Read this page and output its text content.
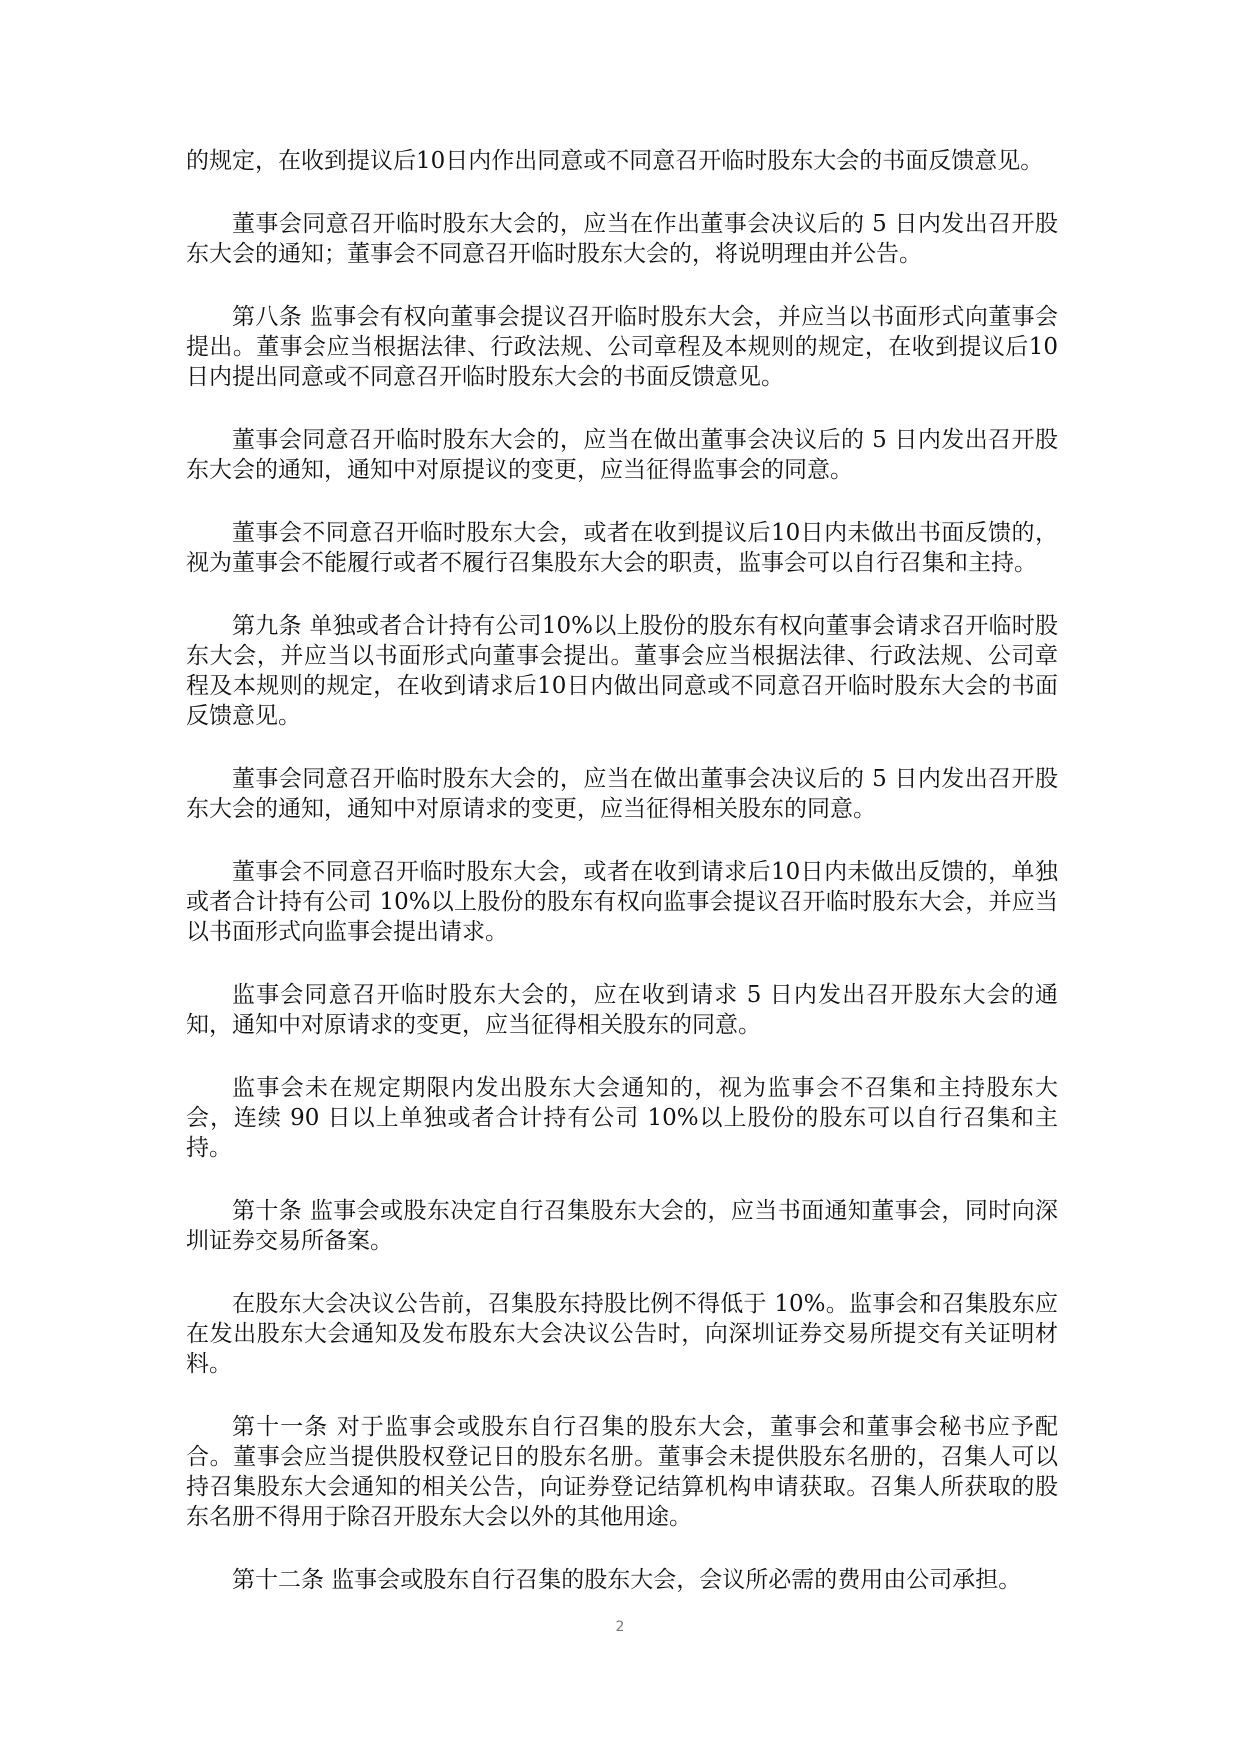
的规定，在收到提议后10日内作出同意或不同意召开临时股东大会的书面反馈意见。

董事会同意召开临时股东大会的，应当在作出董事会决议后的 5 日内发出召开股东大会的通知；董事会不同意召开临时股东大会的，将说明理由并公告。

第八条 监事会有权向董事会提议召开临时股东大会，并应当以书面形式向董事会提出。董事会应当根据法律、行政法规、公司章程及本规则的规定，在收到提议后10日内提出同意或不同意召开临时股东大会的书面反馈意见。

董事会同意召开临时股东大会的，应当在做出董事会决议后的 5 日内发出召开股东大会的通知，通知中对原提议的变更，应当征得监事会的同意。

董事会不同意召开临时股东大会，或者在收到提议后10日内未做出书面反馈的，视为董事会不能履行或者不履行召集股东大会的职责，监事会可以自行召集和主持。

第九条 单独或者合计持有公司10%以上股份的股东有权向董事会请求召开临时股东大会，并应当以书面形式向董事会提出。董事会应当根据法律、行政法规、公司章程及本规则的规定，在收到请求后10日内做出同意或不同意召开临时股东大会的书面反馈意见。

董事会同意召开临时股东大会的，应当在做出董事会决议后的 5 日内发出召开股东大会的通知，通知中对原请求的变更，应当征得相关股东的同意。

董事会不同意召开临时股东大会，或者在收到请求后10日内未做出反馈的，单独或者合计持有公司 10%以上股份的股东有权向监事会提议召开临时股东大会，并应当以书面形式向监事会提出请求。

监事会同意召开临时股东大会的，应在收到请求 5 日内发出召开股东大会的通知，通知中对原请求的变更，应当征得相关股东的同意。

监事会未在规定期限内发出股东大会通知的，视为监事会不召集和主持股东大会，连续 90 日以上单独或者合计持有公司 10%以上股份的股东可以自行召集和主持。

第十条 监事会或股东决定自行召集股东大会的，应当书面通知董事会，同时向深圳证券交易所备案。

在股东大会决议公告前，召集股东持股比例不得低于 10%。监事会和召集股东应在发出股东大会通知及发布股东大会决议公告时，向深圳证券交易所提交有关证明材料。

第十一条 对于监事会或股东自行召集的股东大会，董事会和董事会秘书应予配合。董事会应当提供股权登记日的股东名册。董事会未提供股东名册的，召集人可以持召集股东大会通知的相关公告，向证券登记结算机构申请获取。召集人所获取的股东名册不得用于除召开股东大会以外的其他用途。

第十二条 监事会或股东自行召集的股东大会，会议所必需的费用由公司承担。

2
